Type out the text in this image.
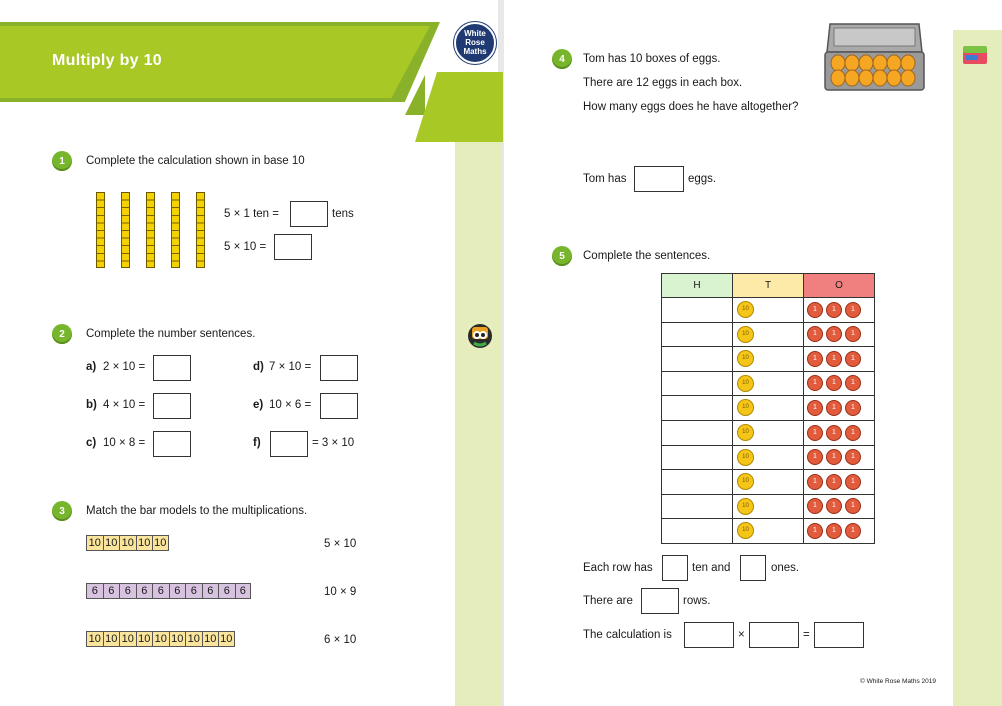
Multiply by 10
White
Rose
Maths
1	Complete the calculation shown in base 10
5 × 1 ten =	tens
5 × 10 =
2	Complete the number sentences.
a) 2 × 10 =
b) 4 × 10 =
c) 10 × 8 =
d) 7 × 10 =
e) 10 × 6 =
f)	= 3 × 10
3	Match the bar models to the multiplications.
10 10 10 10 10
6 6 6 6 6 6 6 6 6 6
10 10 10 10 10 10 10 10 10
5 × 10
10 × 9
6 × 10
4	Tom has 10 boxes of eggs.
There are 12 eggs in each box.
How many eggs does he have altogether?
Tom has	eggs.
5	Complete the sentences.
H	T	O
	10	1 1 1
	10	1 1 1
	10	1 1 1
	10	1 1 1
	10	1 1 1
	10	1 1 1
	10	1 1 1
	10	1 1 1
	10	1 1 1
	10	1 1 1
Each row has	ten and	ones.
There are	rows.
The calculation is	×	=
© White Rose Maths 2019
